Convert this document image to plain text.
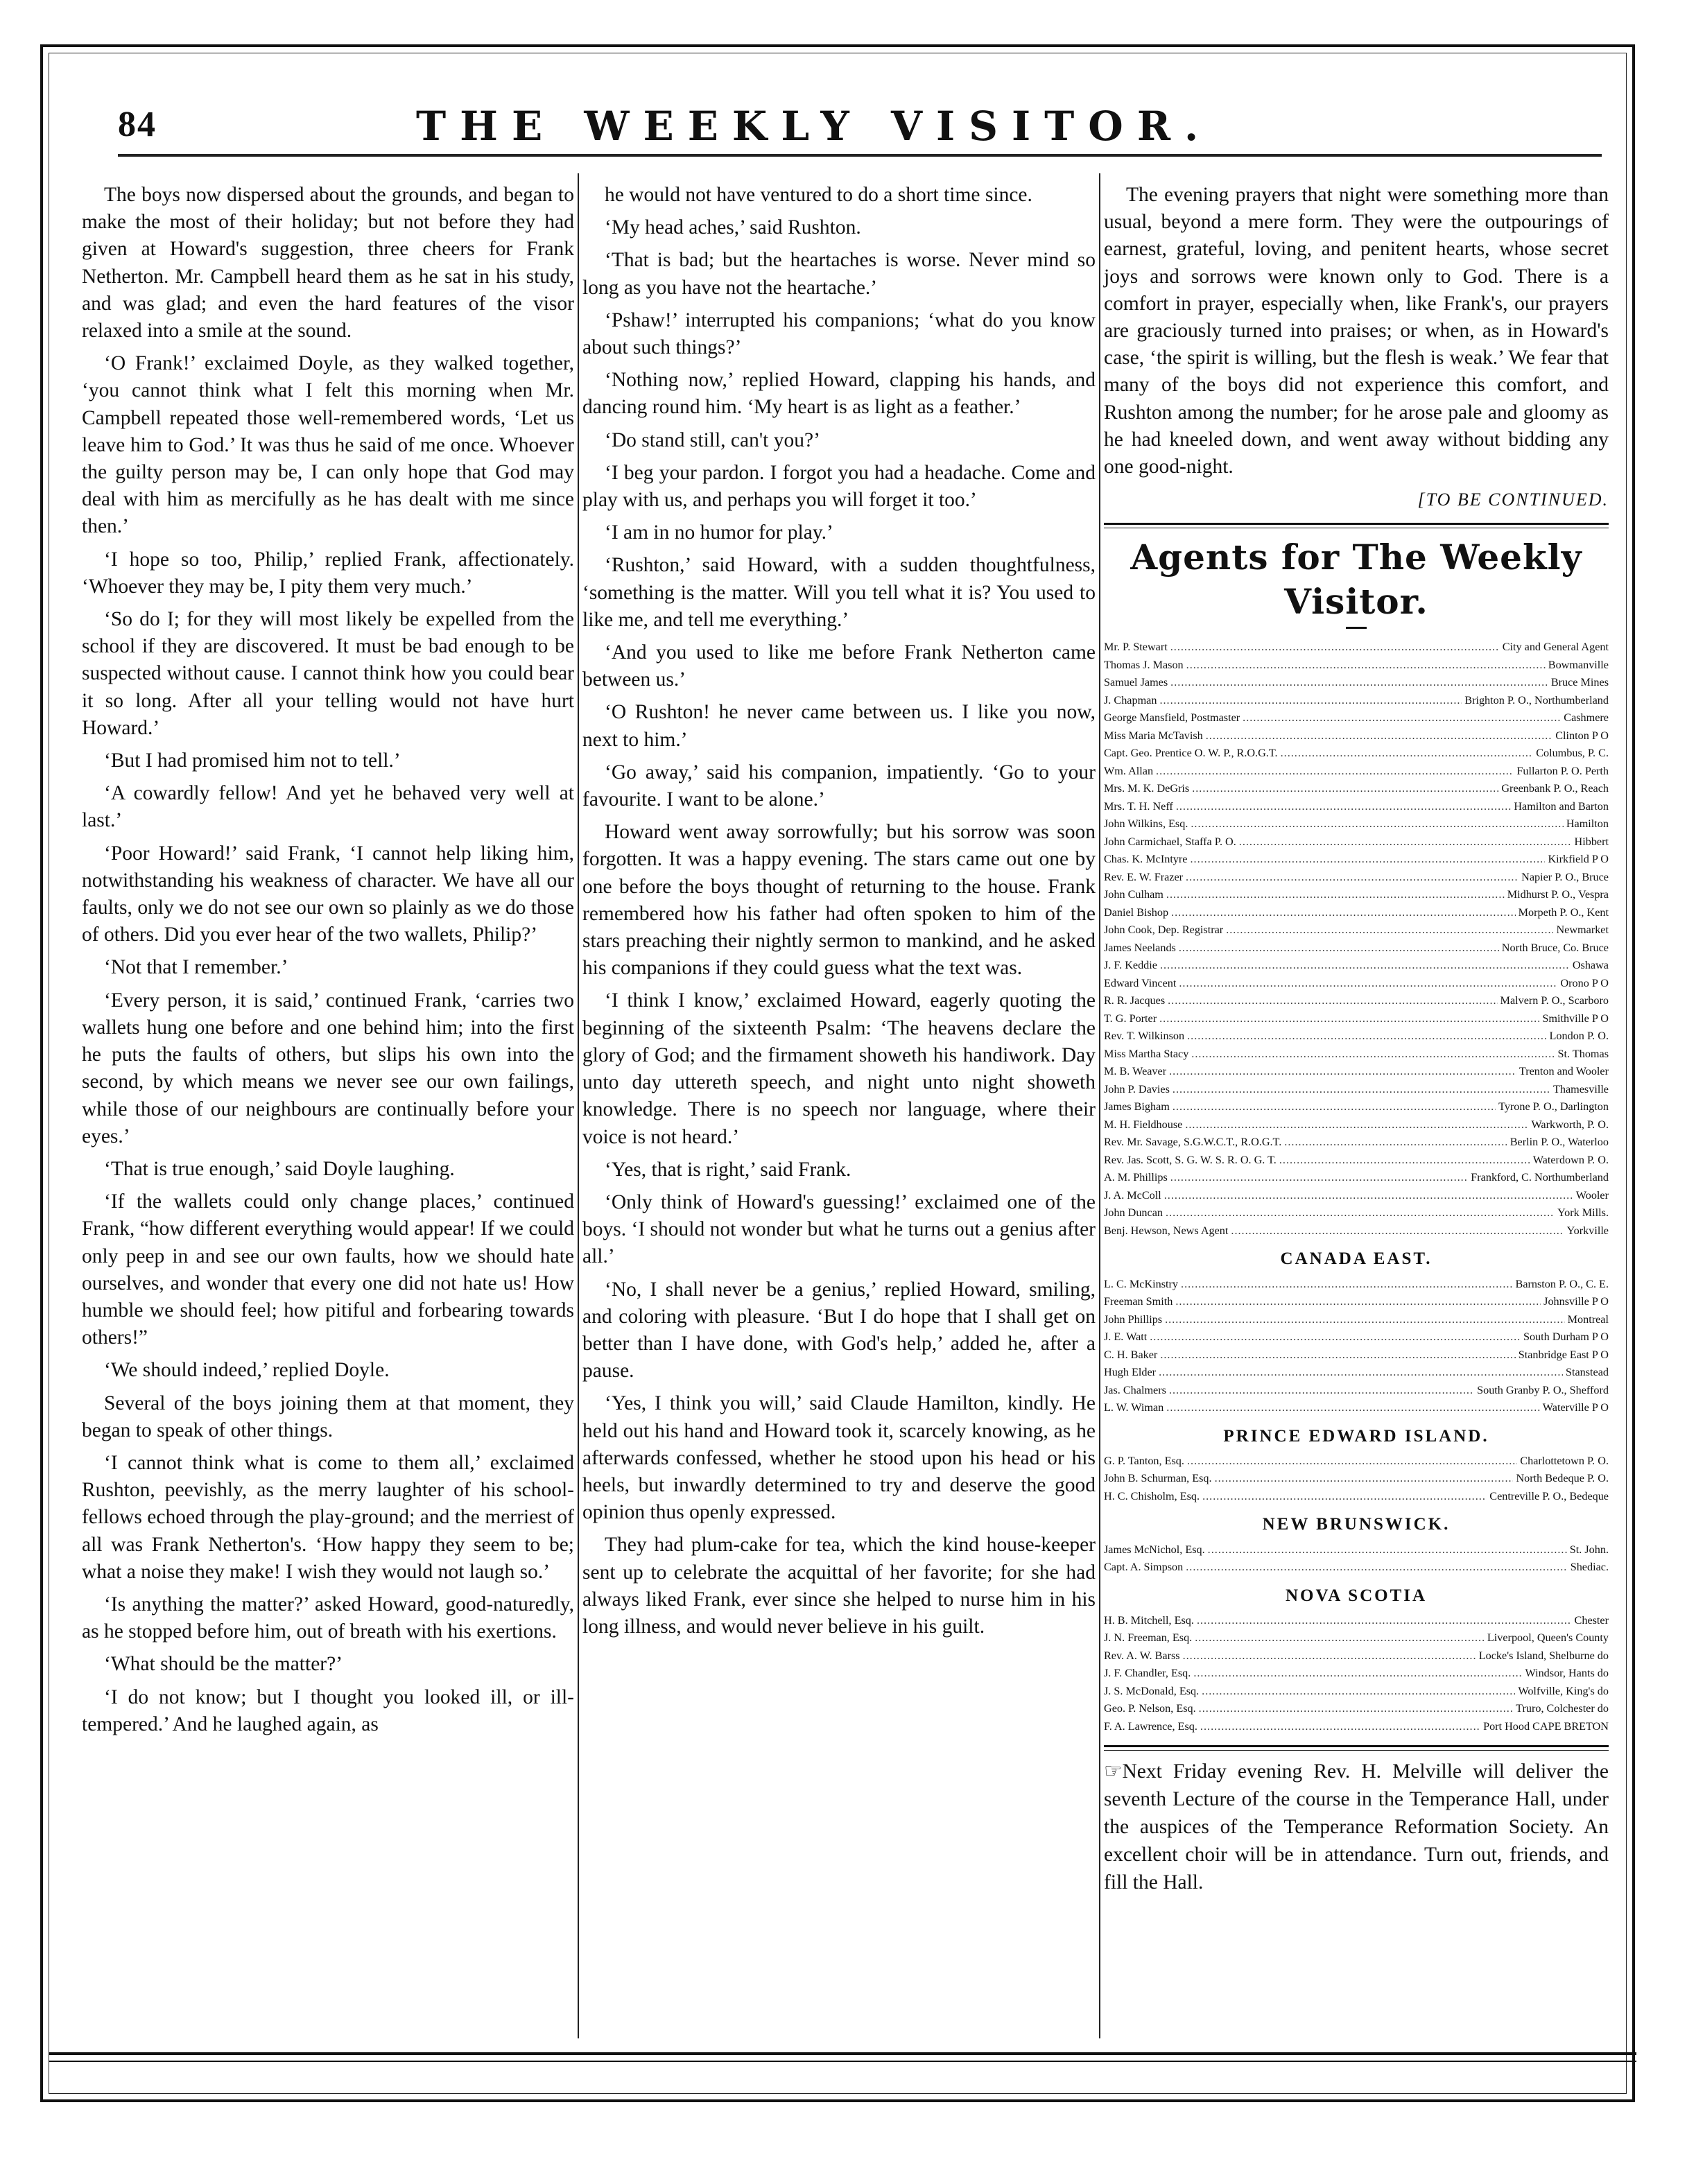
84	THE WEEKLY VISITOR.

The boys now dispersed about the grounds, and began to make the most of their holiday; but not before they had given at Howard's suggestion, three cheers for Frank Netherton. Mr. Campbell heard them as he sat in his study, and was glad; and even the hard features of the visor relaxed into a smile at the sound.

‘O Frank!’ exclaimed Doyle, as they walked together, ‘you cannot think what I felt this morning when Mr. Campbell repeated those well-remembered words, ‘Let us leave him to God.’ It was thus he said of me once. Whoever the guilty person may be, I can only hope that God may deal with him as mercifully as he has dealt with me since then.’

‘I hope so too, Philip,’ replied Frank, affectionately. ‘Whoever they may be, I pity them very much.’

‘So do I; for they will most likely be expelled from the school if they are discovered. It must be bad enough to be suspected without cause. I cannot think how you could bear it so long. After all your telling would not have hurt Howard.’

‘But I had promised him not to tell.’

‘A cowardly fellow! And yet he behaved very well at last.’

‘Poor Howard!’ said Frank, ‘I cannot help liking him, notwithstanding his weakness of character. We have all our faults, only we do not see our own so plainly as we do those of others. Did you ever hear of the two wallets, Philip?’

‘Not that I remember.’

‘Every person, it is said,’ continued Frank, ‘carries two wallets hung one before and one behind him; into the first he puts the faults of others, but slips his own into the second, by which means we never see our own failings, while those of our neighbours are continually before your eyes.’

‘That is true enough,’ said Doyle laughing.

‘If the wallets could only change places,’ continued Frank, “how different everything would appear! If we could only peep in and see our own faults, how we should hate ourselves, and wonder that every one did not hate us! How humble we should feel; how pitiful and forbearing towards others!”

‘We should indeed,’ replied Doyle.

Several of the boys joining them at that moment, they began to speak of other things.

‘I cannot think what is come to them all,’ exclaimed Rushton, peevishly, as the merry laughter of his school-fellows echoed through the play-ground; and the merriest of all was Frank Netherton's. ‘How happy they seem to be; what a noise they make! I wish they would not laugh so.’

‘Is anything the matter?’ asked Howard, good-naturedly, as he stopped before him, out of breath with his exertions.

‘What should be the matter?’

‘I do not know; but I thought you looked ill, or ill-tempered.’ And he laughed again, as

he would not have ventured to do a short time since.

‘My head aches,’ said Rushton.

‘That is bad; but the heartaches is worse. Never mind so long as you have not the heartache.’

‘Pshaw!’ interrupted his companions; ‘what do you know about such things?’

‘Nothing now,’ replied Howard, clapping his hands, and dancing round him. ‘My heart is as light as a feather.’

‘Do stand still, can't you?’

‘I beg your pardon. I forgot you had a headache. Come and play with us, and perhaps you will forget it too.’

‘I am in no humor for play.’

‘Rushton,’ said Howard, with a sudden thoughtfulness, ‘something is the matter. Will you tell what it is? You used to like me, and tell me everything.’

‘And you used to like me before Frank Netherton came between us.’

‘O Rushton! he never came between us. I like you now, next to him.’

‘Go away,’ said his companion, impatiently. ‘Go to your favourite. I want to be alone.’

Howard went away sorrowfully; but his sorrow was soon forgotten. It was a happy evening. The stars came out one by one before the boys thought of returning to the house. Frank remembered how his father had often spoken to him of the stars preaching their nightly sermon to mankind, and he asked his companions if they could guess what the text was.

‘I think I know,’ exclaimed Howard, eagerly quoting the beginning of the sixteenth Psalm: ‘The heavens declare the glory of God; and the firmament showeth his handiwork. Day unto day uttereth speech, and night unto night showeth knowledge. There is no speech nor language, where their voice is not heard.’

‘Yes, that is right,’ said Frank.

‘Only think of Howard's guessing!’ exclaimed one of the boys. ‘I should not wonder but what he turns out a genius after all.’

‘No, I shall never be a genius,’ replied Howard, smiling, and coloring with pleasure. ‘But I do hope that I shall get on better than I have done, with God's help,’ added he, after a pause.

‘Yes, I think you will,’ said Claude Hamilton, kindly. He held out his hand and Howard took it, scarcely knowing, as he afterwards confessed, whether he stood upon his head or his heels, but inwardly determined to try and deserve the good opinion thus openly expressed.

They had plum-cake for tea, which the kind house-keeper sent up to celebrate the acquittal of her favorite; for she had always liked Frank, ever since she helped to nurse him in his long illness, and would never believe in his guilt.

The evening prayers that night were something more than usual, beyond a mere form. They were the outpourings of earnest, grateful, loving, and penitent hearts, whose secret joys and sorrows were known only to God. There is a comfort in prayer, especially when, like Frank's, our prayers are graciously turned into praises; or when, as in Howard's case, ‘the spirit is willing, but the flesh is weak.’ We fear that many of the boys did not experience this comfort, and Rushton among the number; for he arose pale and gloomy as he had kneeled down, and went away without bidding any one good-night.

[TO BE CONTINUED.

Agents for The Weekly Visitor.
Mr. P. Stewart .....	City and General Agent
Thomas J. Mason .....	Bowmanville
Samuel James .....	Bruce Mines
J. Chapman .....	Brighton P. O., Northumberland
George Mansfield, Postmaster .....	Cashmere
Miss Maria McTavish .....	Clinton P O
Capt. Geo. Prentice O. W. P., R.O.G.T. .....	Columbus, P. C.
Wm. Allan .....	Fullarton P. O. Perth
Mrs. M. K. DeGris .....	Greenbank P. O., Reach
Mrs. T. H. Neff .....	Hamilton and Barton
John Wilkins, Esq. .....	Hamilton
John Carmichael, Staffa P. O. .....	Hibbert
Chas. K. McIntyre .....	Kirkfield P O
Rev. E. W. Frazer .....	Napier P. O., Bruce
John Culham .....	Midhurst P. O., Vespra
Daniel Bishop .....	Morpeth P. O., Kent
John Cook, Dep. Registrar .....	Newmarket
James Neelands .....	North Bruce, Co. Bruce
J. F. Keddie .....	Oshawa
Edward Vincent .....	Orono P O
R. R. Jacques .....	Malvern P. O., Scarboro
T. G. Porter .....	Smithville P O
Rev. T. Wilkinson .....	London P. O.
Miss Martha Stacy .....	St. Thomas
M. B. Weaver .....	Trenton and Wooler
John P. Davies .....	Thamesville
James Bigham .....	Tyrone P. O., Darlington
M. H. Fieldhouse .....	Warkworth, P. O.
Rev. Mr. Savage, S.G.W.C.T., R.O.G.T. .....	Berlin P. O., Waterloo
Rev. Jas. Scott, S. G. W. S. R. O. G. T. .....	Waterdown P. O.
A. M. Phillips .....	Frankford, C. Northumberland
J. A. McColl .....	Wooler
John Duncan .....	York Mills.
Benj. Hewson, News Agent .....	Yorkville
CANADA EAST.
L. C. McKinstry .....	Barnston P. O., C. E.
Freeman Smith .....	Johnsville P O
John Phillips .....	Montreal
J. E. Watt .....	South Durham P O
C. H. Baker .....	Stanbridge East P O
Hugh Elder .....	Stanstead
Jas. Chalmers .....	South Granby P. O., Shefford
L. W. Wiman .....	Waterville P O
PRINCE EDWARD ISLAND.
G. P. Tanton, Esq. .....	Charlottetown P. O.
John B. Schurman, Esq. .....	North Bedeque P. O.
H. C. Chisholm, Esq. .....	Centreville P. O., Bedeque
NEW BRUNSWICK.
James McNichol, Esq. .....	St. John.
Capt. A. Simpson .....	Shediac.
NOVA SCOTIA
H. B. Mitchell, Esq. .....	Chester
J. N. Freeman, Esq. .....	Liverpool, Queen's County
Rev. A. W. Barss .....	Locke's Island, Shelburne do
J. F. Chandler, Esq. .....	Windsor, Hants do
J. S. McDonald, Esq. .....	Wolfville, King's do
Geo. P. Nelson, Esq. .....	Truro, Colchester do
F. A. Lawrence, Esq. .....	Port Hood CAPE BRETON
☞Next Friday evening Rev. H. Melville will deliver the seventh Lecture of the course in the Temperance Hall, under the auspices of the Temperance Reformation Society. An excellent choir will be in attendance. Turn out, friends, and fill the Hall.
